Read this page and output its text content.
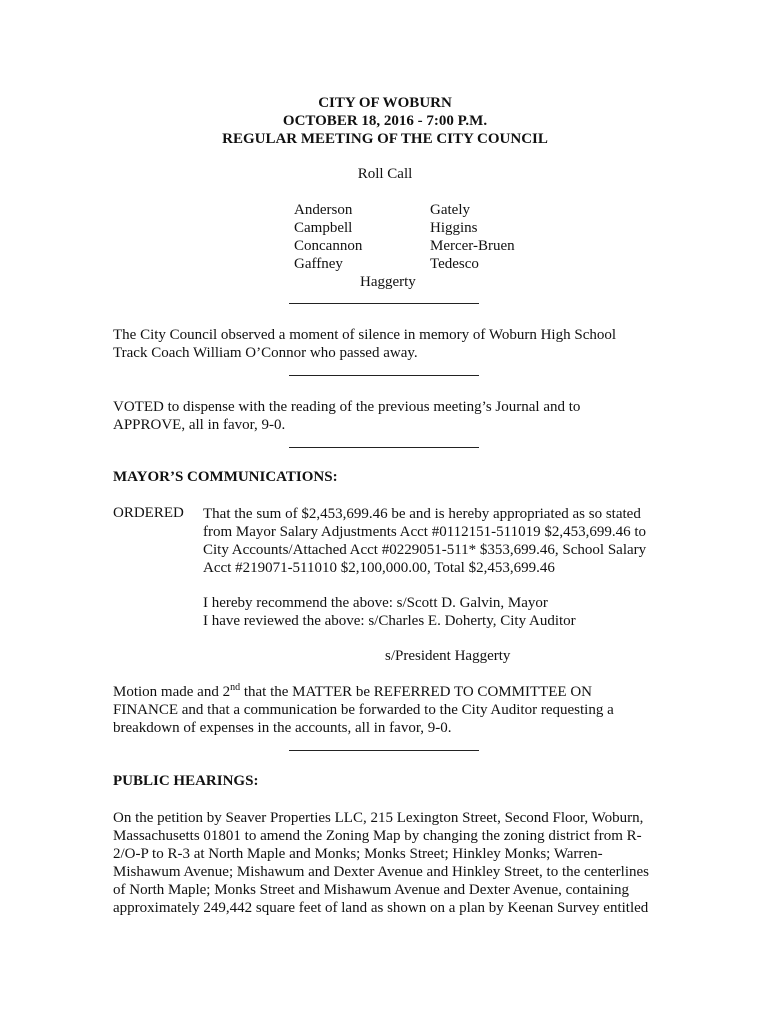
CITY OF WOBURN
OCTOBER 18, 2016 - 7:00 P.M.
REGULAR MEETING OF THE CITY COUNCIL
Roll Call
Anderson
Campbell
Concannon
Gaffney
Gately
Higgins
Mercer-Bruen
Tedesco
Haggerty
The City Council observed a moment of silence in memory of Woburn High School
Track Coach William O’Connor who passed away.
VOTED to dispense with the reading of the previous meeting’s Journal and to
APPROVE, all in favor, 9-0.
MAYOR’S COMMUNICATIONS:
ORDERED That the sum of $2,453,699.46 be and is hereby appropriated as so stated
from Mayor Salary Adjustments Acct #0112151-511019 $2,453,699.46 to
City Accounts/Attached Acct #0229051-511* $353,699.46, School Salary
Acct #219071-511010 $2,100,000.00, Total $2,453,699.46
I hereby recommend the above: s/Scott D. Galvin, Mayor
I have reviewed the above: s/Charles E. Doherty, City Auditor
s/President Haggerty
Motion made and 2nd that the MATTER be REFERRED TO COMMITTEE ON
FINANCE and that a communication be forwarded to the City Auditor requesting a
breakdown of expenses in the accounts, all in favor, 9-0.
PUBLIC HEARINGS:
On the petition by Seaver Properties LLC, 215 Lexington Street, Second Floor, Woburn,
Massachusetts 01801 to amend the Zoning Map by changing the zoning district from R-
2/O-P to R-3 at North Maple and Monks; Monks Street; Hinkley Monks; Warren-
Mishawum Avenue; Mishawum and Dexter Avenue and Hinkley Street, to the centerlines
of North Maple; Monks Street and Mishawum Avenue and Dexter Avenue, containing
approximately 249,442 square feet of land as shown on a plan by Keenan Survey entitled
